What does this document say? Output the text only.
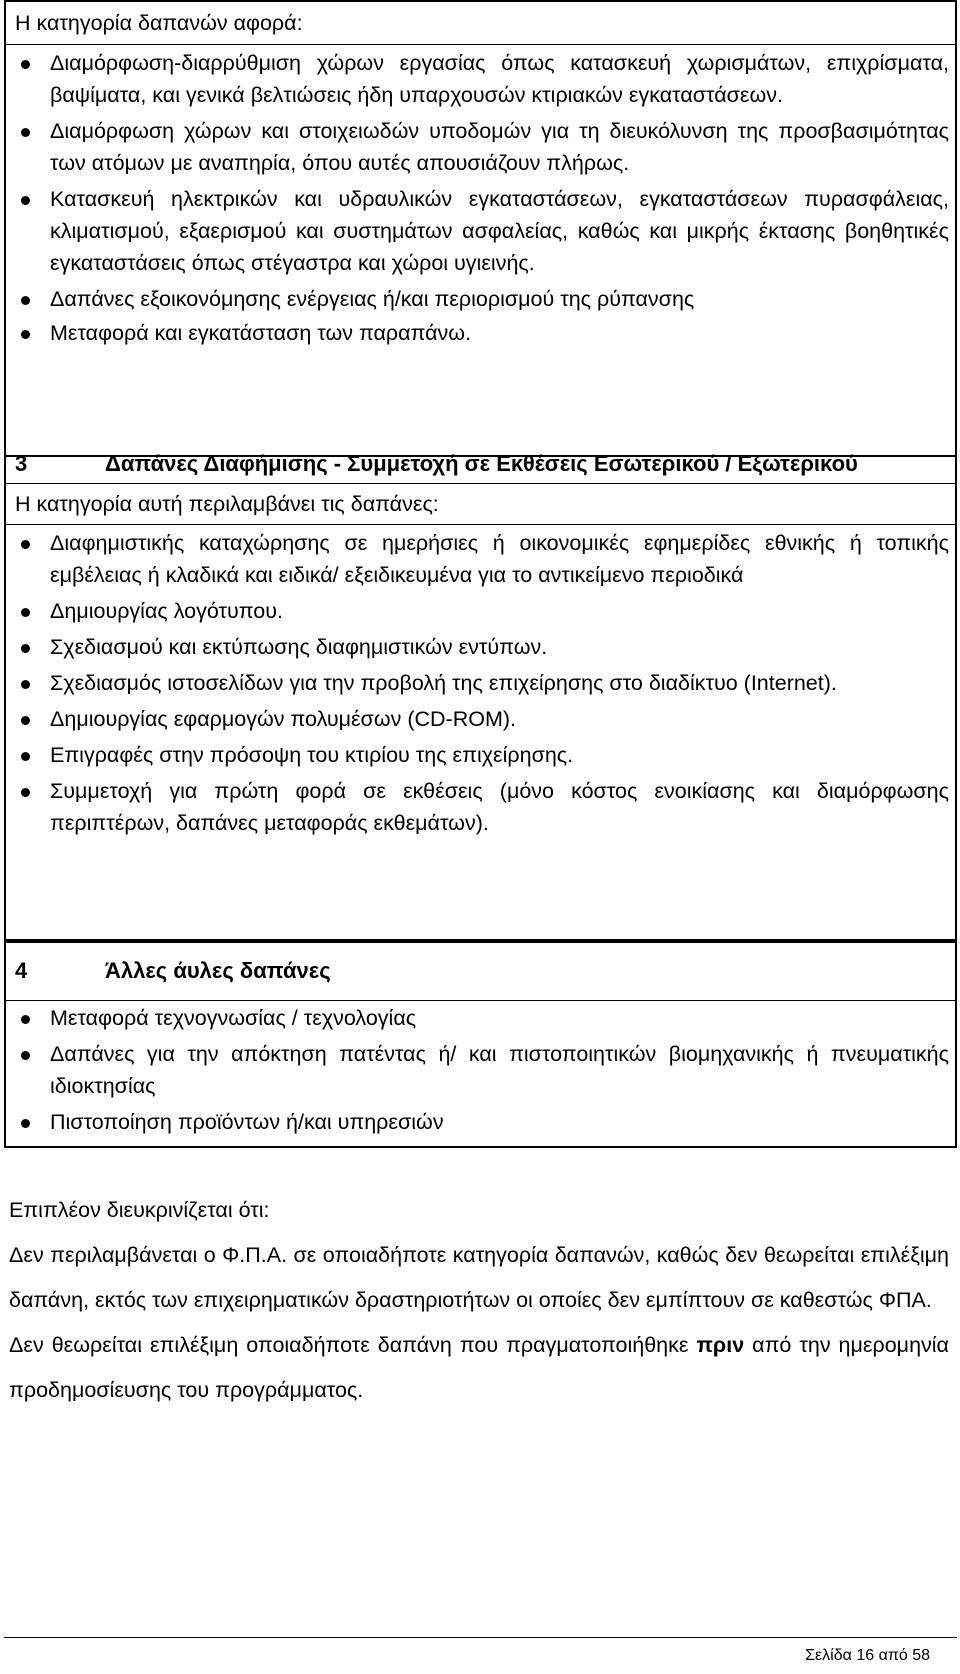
Η κατηγορία δαπανών αφορά:
Διαμόρφωση-διαρρύθμιση χώρων εργασίας όπως κατασκευή χωρισμάτων, επιχρίσματα, βαψίματα, και γενικά βελτιώσεις ήδη υπαρχουσών κτιριακών εγκαταστάσεων.
Διαμόρφωση χώρων και στοιχειωδών υποδομών για τη διευκόλυνση της προσβασιμότητας των ατόμων με αναπηρία, όπου αυτές απουσιάζουν πλήρως.
Κατασκευή ηλεκτρικών και υδραυλικών εγκαταστάσεων, εγκαταστάσεων πυρασφάλειας, κλιματισμού, εξαερισμού και συστημάτων ασφαλείας, καθώς και μικρής έκτασης βοηθητικές εγκαταστάσεις όπως στέγαστρα και χώροι υγιεινής.
Δαπάνες εξοικονόμησης ενέργειας ή/και περιορισμού της ρύπανσης
Μεταφορά και εγκατάσταση των παραπάνω.
3	Δαπάνες Διαφήμισης - Συμμετοχή σε Εκθέσεις Εσωτερικού / Εξωτερικού
Η κατηγορία αυτή περιλαμβάνει τις δαπάνες:
Διαφημιστικής καταχώρησης σε ημερήσιες ή οικονομικές εφημερίδες εθνικής ή τοπικής εμβέλειας ή κλαδικά και ειδικά/ εξειδικευμένα για το αντικείμενο περιοδικά
Δημιουργίας λογότυπου.
Σχεδιασμού και εκτύπωσης διαφημιστικών εντύπων.
Σχεδιασμός ιστοσελίδων για την προβολή της επιχείρησης στο διαδίκτυο (Internet).
Δημιουργίας εφαρμογών πολυμέσων (CD-ROM).
Επιγραφές στην πρόσοψη του κτιρίου της επιχείρησης.
Συμμετοχή για πρώτη φορά σε εκθέσεις (μόνο κόστος ενοικίασης και διαμόρφωσης περιπτέρων, δαπάνες μεταφοράς εκθεμάτων).
4	Άλλες άυλες δαπάνες
Μεταφορά τεχνογνωσίας / τεχνολογίας
Δαπάνες για την απόκτηση πατέντας ή/ και πιστοποιητικών βιομηχανικής ή πνευματικής ιδιοκτησίας
Πιστοποίηση προϊόντων ή/και υπηρεσιών

Επιπλέον διευκρινίζεται ότι:

Δεν περιλαμβάνεται ο Φ.Π.Α. σε οποιαδήποτε κατηγορία δαπανών, καθώς δεν θεωρείται επιλέξιμη δαπάνη, εκτός των επιχειρηματικών δραστηριοτήτων οι οποίες δεν εμπίπτουν σε καθεστώς ΦΠΑ.

Δεν θεωρείται επιλέξιμη οποιαδήποτε δαπάνη που πραγματοποιήθηκε πριν από την ημερομηνία προδημοσίευσης του προγράμματος.

Σελίδα 16 από 58
